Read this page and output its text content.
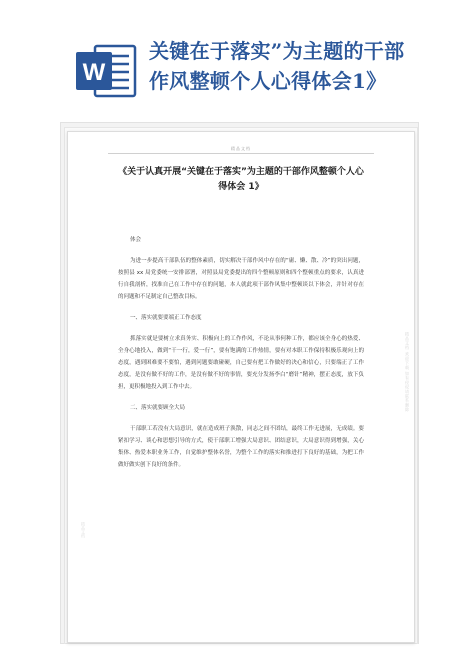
W
关键在于落实”为主题的干部
作风整顿个人心得体会1》
精品文档
《关于认真开展“关键在于落实”为主题的干部作风整顿个人心得体会 1》

体会

为进一步提高干部队伍的整体素质，切实解决干部作风中存在的“庸、懒、散、冷”的突出问题，按照县 xx 局党委统一安排部署，对照县局党委提出的四个整顿原则和四个整顿重点的要求，认真进行自我剖析，找准自己在工作中存在的问题，本人就此项干部作风集中整顿谈以下体会，并针对存在的问题和不足制定自己整改目标。

一、落实就要要端正工作态度

抓落实就是要树立求真务实、积极向上的工作作风，不论从事何种工作，都应该全身心的热爱、全身心地投入，做到“干一行，爱一行”，要有饱满的工作热情，要有对本职工作保持积极乐观向上的态度，遇到困难要不要怕，遇到问题要敢碰硬，自己要有把工作做好的决心和信心，只要端正了工作态度，是没有做不好的工作，是没有做不好的事情，要充分发扬李白“磨针”精神，摆正态度，放下负担，更积极地投入到工作中去。

二、落实就要顾全大局

干部职工若没有大局意识，就在造成班子涣散，同志之间不团结，最终工作无进展，无成绩。要紧扣学习、谈心和思想引导的方式，使干部职工增强大局意识、团结意识，大局意识得到增强，关心集体、热爱本职业务工作，自觉维护整体名誉，为整个工作的落实和推进打下良好的基础，为把工作做好做实创下良好的条件。

精品文档 欢迎下载 如有侵权请联系删除
精品文档
